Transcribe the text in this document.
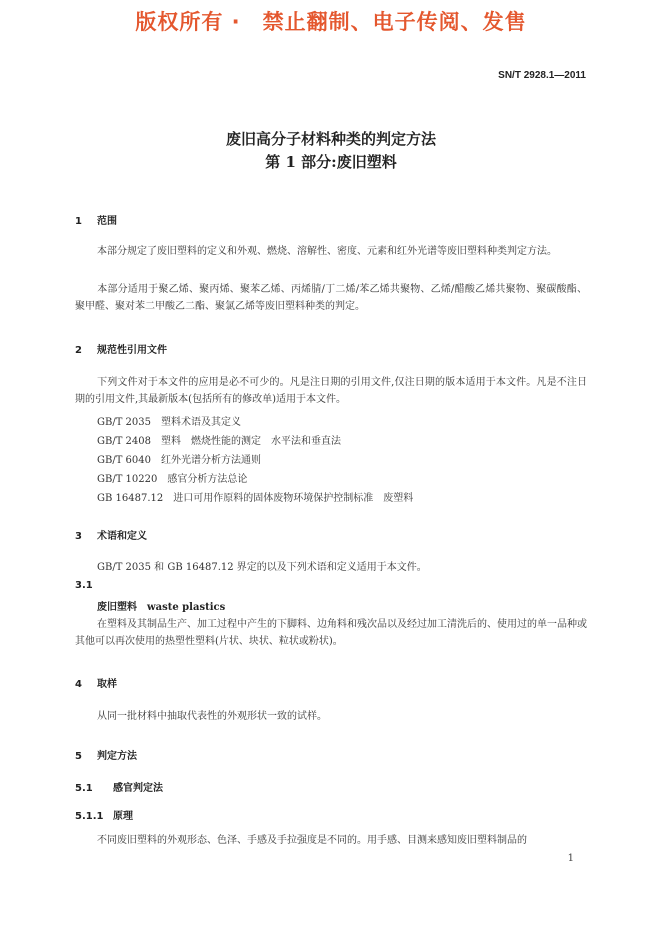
版权所有 ·　禁止翻制、电子传阅、发售
SN/T 2928.1—2011
废旧高分子材料种类的判定方法
第 1 部分:废旧塑料
1 范围
本部分规定了废旧塑料的定义和外观、燃烧、溶解性、密度、元素和红外光谱等废旧塑料种类判定方法。
本部分适用于聚乙烯、聚丙烯、聚苯乙烯、丙烯腈/丁二烯/苯乙烯共聚物、乙烯/醋酸乙烯共聚物、聚碳酸酯、聚甲醛、聚对苯二甲酸乙二酯、聚氯乙烯等废旧塑料种类的判定。
2 规范性引用文件
下列文件对于本文件的应用是必不可少的。凡是注日期的引用文件,仅注日期的版本适用于本文件。凡是不注日期的引用文件,其最新版本(包括所有的修改单)适用于本文件。
GB/T 2035　塑料术语及其定义
GB/T 2408　塑料　燃烧性能的测定　水平法和垂直法
GB/T 6040　红外光谱分析方法通则
GB/T 10220　感官分析方法总论
GB 16487.12　进口可用作原料的固体废物环境保护控制标准　废塑料
3 术语和定义
GB/T 2035 和 GB 16487.12 界定的以及下列术语和定义适用于本文件。
3.1
废旧塑料　waste plastics
在塑料及其制品生产、加工过程中产生的下脚料、边角料和残次品以及经过加工清洗后的、使用过的单一品种或其他可以再次使用的热塑性塑料(片状、块状、粒状或粉状)。
4 取样
从同一批材料中抽取代表性的外观形状一致的试样。
5 判定方法
5.1 感官判定法
5.1.1 原理
不同废旧塑料的外观形态、色泽、手感及手拉强度是不同的。用手感、目测来感知废旧塑料制品的
1
